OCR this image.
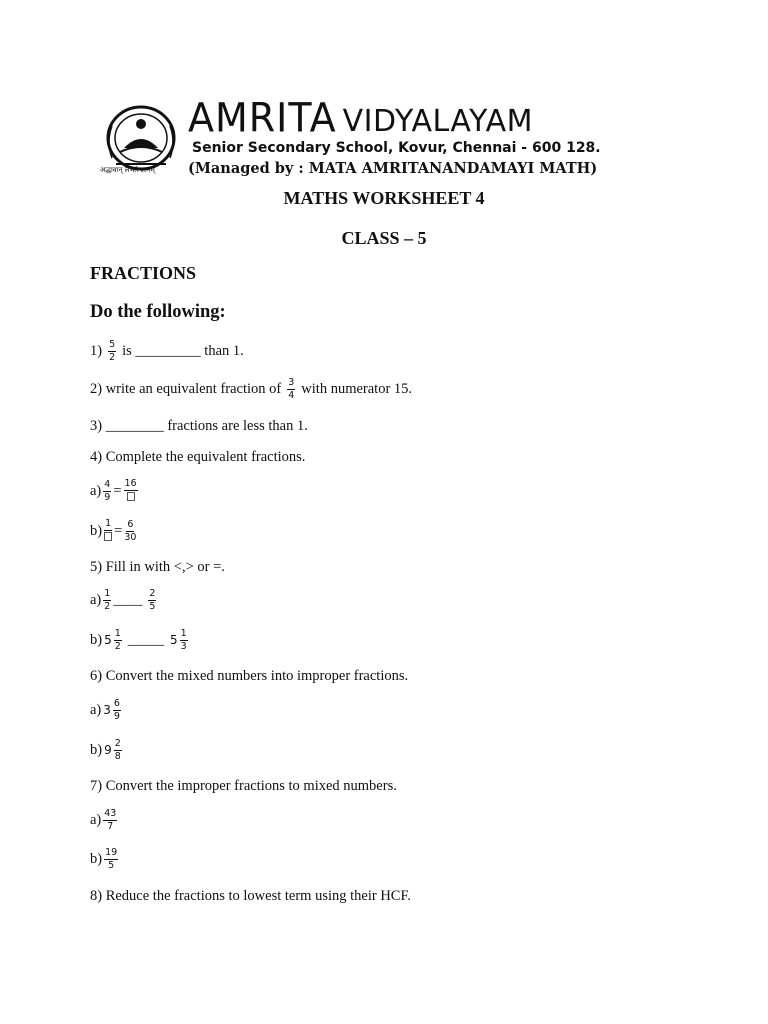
अद्धावान् लभते ज्ञानम्
AMRITA VIDYALAYAM
Senior Secondary School, Kovur, Chennai - 600 128.
(Managed by : MATA AMRITANANDAMAYI MATH)
MATHS WORKSHEET 4
CLASS – 5
FRACTIONS
Do the following:
$1) \frac{5}{2}$ is _________ than 1.
2) write an equivalent fraction of $\frac{3}{4}$ with numerator 15.
3) ________ fractions are less than 1.
4) Complete the equivalent fractions.
$a) \frac{4}{9} = 16$
b) $1 = \frac{6}{30}$
5) Fill in with <,> or =.
$a) \frac{1}{2}$ ____ $\frac{2}{5}$
b) $5 \frac{1}{2}$ _____ $5 \frac{1}{3}$
6) Convert the mixed numbers into improper fractions.
a) $3 \frac{6}{9}$
b) $9 \frac{2}{8}$
7) Convert the improper fractions to mixed numbers.
$a) \frac{43}{7}$
$b) \frac{19}{5}$
8) Reduce the fractions to lowest term using their HCF.
